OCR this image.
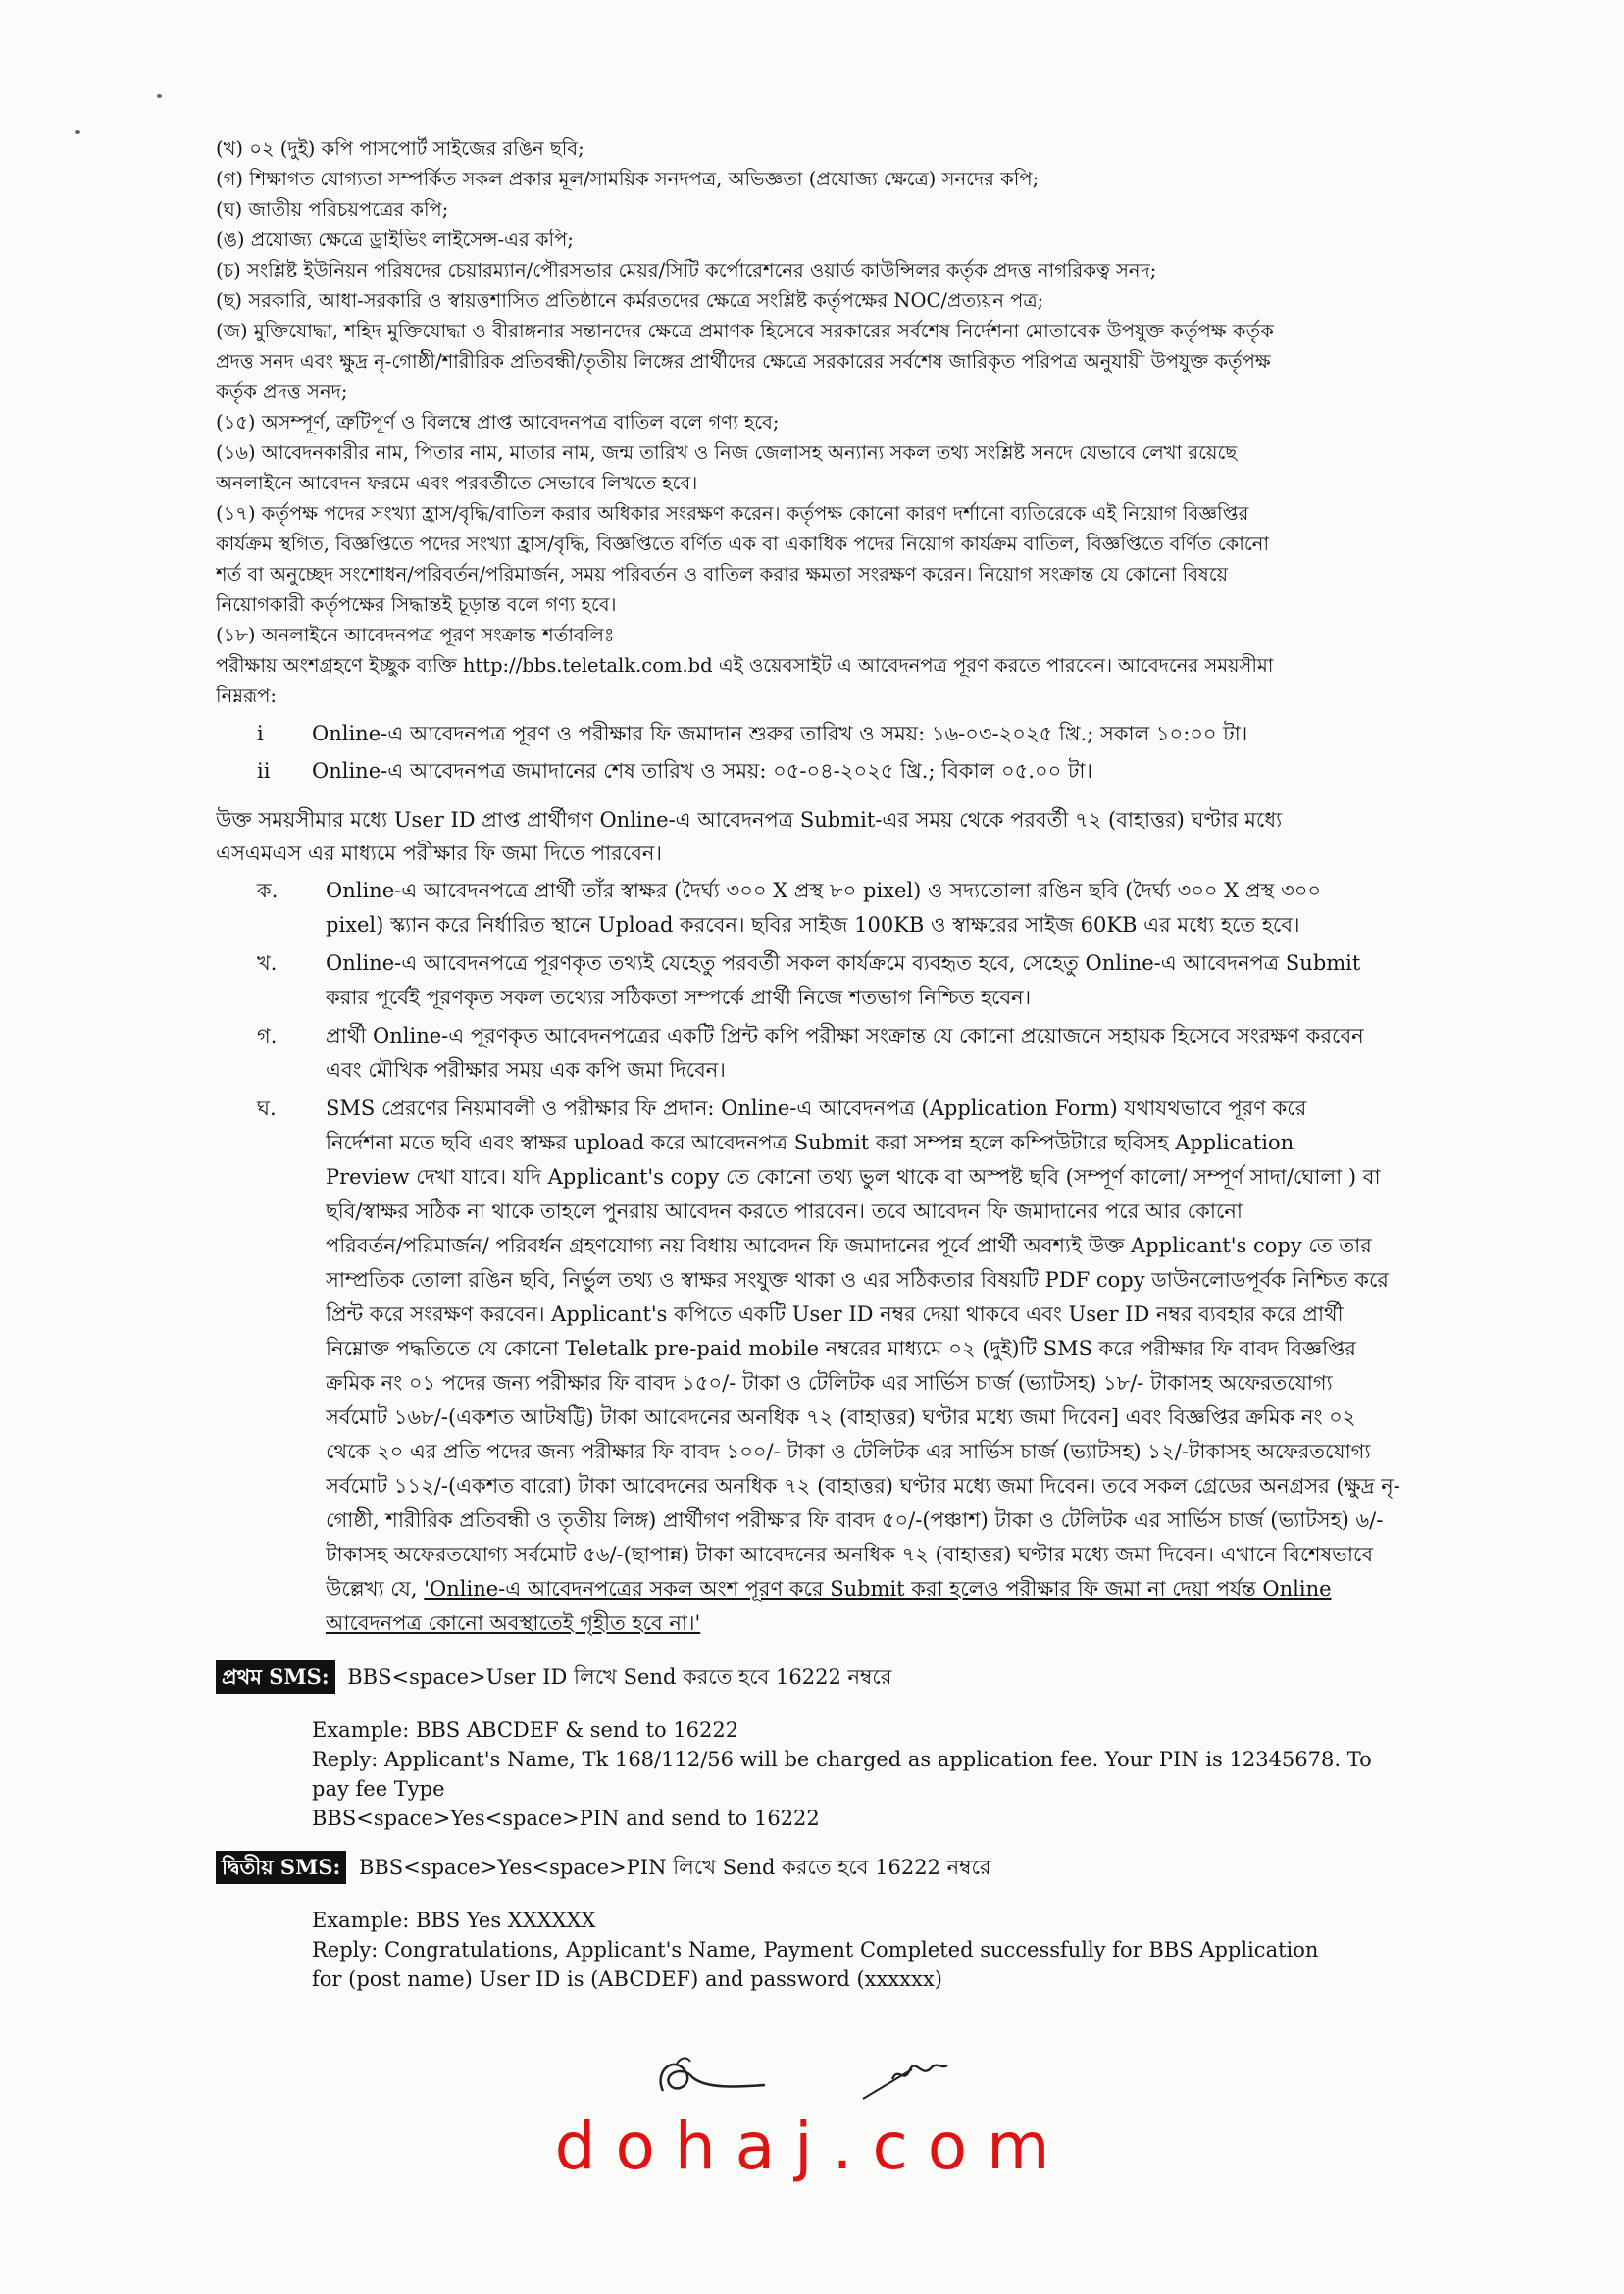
(খ) ০২ (দুই) কপি পাসপোর্ট সাইজের রঙিন ছবি;
(গ) শিক্ষাগত যোগ্যতা সম্পর্কিত সকল প্রকার মূল/সাময়িক সনদপত্র, অভিজ্ঞতা (প্রযোজ্য ক্ষেত্রে) সনদের কপি;
(ঘ) জাতীয় পরিচয়পত্রের কপি;
(ঙ) প্রযোজ্য ক্ষেত্রে ড্রাইভিং লাইসেন্স-এর কপি;
(চ) সংশ্লিষ্ট ইউনিয়ন পরিষদের চেয়ারম্যান/পৌরসভার মেয়র/সিটি কর্পোরেশনের ওয়ার্ড কাউন্সিলর কর্তৃক প্রদত্ত নাগরিকত্ব সনদ;
(ছ) সরকারি, আধা-সরকারি ও স্বায়ত্তশাসিত প্রতিষ্ঠানে কর্মরতদের ক্ষেত্রে সংশ্লিষ্ট কর্তৃপক্ষের NOC/প্রত্যয়ন পত্র;
(জ) মুক্তিযোদ্ধা, শহিদ মুক্তিযোদ্ধা ও বীরাঙ্গনার সন্তানদের ক্ষেত্রে প্রমাণক হিসেবে সরকারের সর্বশেষ নির্দেশনা মোতাবেক উপযুক্ত কর্তৃপক্ষ কর্তৃক
প্রদত্ত সনদ এবং ক্ষুদ্র নৃ-গোষ্ঠী/শারীরিক প্রতিবন্ধী/তৃতীয় লিঙ্গের প্রার্থীদের ক্ষেত্রে সরকারের সর্বশেষ জারিকৃত পরিপত্র অনুযায়ী উপযুক্ত কর্তৃপক্ষ
কর্তৃক প্রদত্ত সনদ;
(১৫) অসম্পূর্ণ, ত্রুটিপূর্ণ ও বিলম্বে প্রাপ্ত আবেদনপত্র বাতিল বলে গণ্য হবে;
(১৬) আবেদনকারীর নাম, পিতার নাম, মাতার নাম, জন্ম তারিখ ও নিজ জেলাসহ অন্যান্য সকল তথ্য সংশ্লিষ্ট সনদে যেভাবে লেখা রয়েছে
অনলাইনে আবেদন ফরমে এবং পরবর্তীতে সেভাবে লিখতে হবে।
(১৭) কর্তৃপক্ষ পদের সংখ্যা হ্রাস/বৃদ্ধি/বাতিল করার অধিকার সংরক্ষণ করেন। কর্তৃপক্ষ কোনো কারণ দর্শানো ব্যতিরেকে এই নিয়োগ বিজ্ঞপ্তির
কার্যক্রম স্থগিত, বিজ্ঞপ্তিতে পদের সংখ্যা হ্রাস/বৃদ্ধি, বিজ্ঞপ্তিতে বর্ণিত এক বা একাধিক পদের নিয়োগ কার্যক্রম বাতিল, বিজ্ঞপ্তিতে বর্ণিত কোনো
শর্ত বা অনুচ্ছেদ সংশোধন/পরিবর্তন/পরিমার্জন, সময় পরিবর্তন ও বাতিল করার ক্ষমতা সংরক্ষণ করেন। নিয়োগ সংক্রান্ত যে কোনো বিষয়ে
নিয়োগকারী কর্তৃপক্ষের সিদ্ধান্তই চূড়ান্ত বলে গণ্য হবে।
(১৮) অনলাইনে আবেদনপত্র পূরণ সংক্রান্ত শর্তাবলিঃ
পরীক্ষায় অংশগ্রহণে ইচ্ছুক ব্যক্তি http://bbs.teletalk.com.bd এই ওয়েবসাইট এ আবেদনপত্র পূরণ করতে পারবেন। আবেদনের সময়সীমা
নিম্নরূপ:
i	Online-এ আবেদনপত্র পূরণ ও পরীক্ষার ফি জমাদান শুরুর তারিখ ও সময়: ১৬-০৩-২০২৫ খ্রি.; সকাল ১০:০০ টা।
ii	Online-এ আবেদনপত্র জমাদানের শেষ তারিখ ও সময়: ০৫-০৪-২০২৫ খ্রি.; বিকাল ০৫.০০ টা।
উক্ত সময়সীমার মধ্যে User ID প্রাপ্ত প্রার্থীগণ Online-এ আবেদনপত্র Submit-এর সময় থেকে পরবর্তী ৭২ (বাহাত্তর) ঘণ্টার মধ্যে
এসএমএস এর মাধ্যমে পরীক্ষার ফি জমা দিতে পারবেন।
ক.	Online-এ আবেদনপত্রে প্রার্থী তাঁর স্বাক্ষর (দৈর্ঘ্য ৩০০ X প্রস্থ ৮০ pixel) ও সদ্যতোলা রঙিন ছবি (দৈর্ঘ্য ৩০০ X প্রস্থ ৩০০
pixel) স্ক্যান করে নির্ধারিত স্থানে Upload করবেন। ছবির সাইজ 100KB ও স্বাক্ষরের সাইজ 60KB এর মধ্যে হতে হবে।
খ.	Online-এ আবেদনপত্রে পূরণকৃত তথ্যই যেহেতু পরবর্তী সকল কার্যক্রমে ব্যবহৃত হবে, সেহেতু Online-এ আবেদনপত্র Submit
করার পূর্বেই পূরণকৃত সকল তথ্যের সঠিকতা সম্পর্কে প্রার্থী নিজে শতভাগ নিশ্চিত হবেন।
গ.	প্রার্থী Online-এ পূরণকৃত আবেদনপত্রের একটি প্রিন্ট কপি পরীক্ষা সংক্রান্ত যে কোনো প্রয়োজনে সহায়ক হিসেবে সংরক্ষণ করবেন
এবং মৌখিক পরীক্ষার সময় এক কপি জমা দিবেন।
ঘ.	SMS প্রেরণের নিয়মাবলী ও পরীক্ষার ফি প্রদান: Online-এ আবেদনপত্র (Application Form) যথাযথভাবে পূরণ করে
নির্দেশনা মতে ছবি এবং স্বাক্ষর upload করে আবেদনপত্র Submit করা সম্পন্ন হলে কম্পিউটারে ছবিসহ Application
Preview দেখা যাবে। যদি Applicant's copy তে কোনো তথ্য ভুল থাকে বা অস্পষ্ট ছবি (সম্পূর্ণ কালো/ সম্পূর্ণ সাদা/ঘোলা ) বা
ছবি/স্বাক্ষর সঠিক না থাকে তাহলে পুনরায় আবেদন করতে পারবেন। তবে আবেদন ফি জমাদানের পরে আর কোনো
পরিবর্তন/পরিমার্জন/ পরিবর্ধন গ্রহণযোগ্য নয় বিধায় আবেদন ফি জমাদানের পূর্বে প্রার্থী অবশ্যই উক্ত Applicant's copy তে তার
সাম্প্রতিক তোলা রঙিন ছবি, নির্ভুল তথ্য ও স্বাক্ষর সংযুক্ত থাকা ও এর সঠিকতার বিষয়টি PDF copy ডাউনলোডপূর্বক নিশ্চিত করে
প্রিন্ট করে সংরক্ষণ করবেন। Applicant's কপিতে একটি User ID নম্বর দেয়া থাকবে এবং User ID নম্বর ব্যবহার করে প্রার্থী
নিম্নোক্ত পদ্ধতিতে যে কোনো Teletalk pre-paid mobile নম্বরের মাধ্যমে ০২ (দুই)টি SMS করে পরীক্ষার ফি বাবদ বিজ্ঞপ্তির
ক্রমিক নং ০১ পদের জন্য পরীক্ষার ফি বাবদ ১৫০/- টাকা ও টেলিটক এর সার্ভিস চার্জ (ভ্যাটসহ) ১৮/- টাকাসহ অফেরতযোগ্য
সর্বমোট ১৬৮/-(একশত আটষট্টি) টাকা আবেদনের অনধিক ৭২ (বাহাত্তর) ঘণ্টার মধ্যে জমা দিবেন] এবং বিজ্ঞপ্তির ক্রমিক নং ০২
থেকে ২০ এর প্রতি পদের জন্য পরীক্ষার ফি বাবদ ১০০/- টাকা ও টেলিটক এর সার্ভিস চার্জ (ভ্যাটসহ) ১২/-টাকাসহ অফেরতযোগ্য
সর্বমোট ১১২/-(একশত বারো) টাকা আবেদনের অনধিক ৭২ (বাহাত্তর) ঘণ্টার মধ্যে জমা দিবেন। তবে সকল গ্রেডের অনগ্রসর (ক্ষুদ্র নৃ-
গোষ্ঠী, শারীরিক প্রতিবন্ধী ও তৃতীয় লিঙ্গ) প্রার্থীগণ পরীক্ষার ফি বাবদ ৫০/-(পঞ্চাশ) টাকা ও টেলিটক এর সার্ভিস চার্জ (ভ্যাটসহ) ৬/-
টাকাসহ অফেরতযোগ্য সর্বমোট ৫৬/-(ছাপান্ন) টাকা আবেদনের অনধিক ৭২ (বাহাত্তর) ঘণ্টার মধ্যে জমা দিবেন। এখানে বিশেষভাবে
উল্লেখ্য যে, 'Online-এ আবেদনপত্রের সকল অংশ পূরণ করে Submit করা হলেও পরীক্ষার ফি জমা না দেয়া পর্যন্ত Online
আবেদনপত্র কোনো অবস্থাতেই গৃহীত হবে না।'
প্রথম SMS: BBS<space>User ID লিখে Send করতে হবে 16222 নম্বরে
Example: BBS ABCDEF & send to 16222
Reply: Applicant's Name, Tk 168/112/56 will be charged as application fee. Your PIN is 12345678. To
pay fee Type
BBS<space>Yes<space>PIN and send to 16222
দ্বিতীয় SMS: BBS<space>Yes<space>PIN লিখে Send করতে হবে 16222 নম্বরে
Example: BBS Yes XXXXXX
Reply: Congratulations, Applicant's Name, Payment Completed successfully for BBS Application
for (post name) User ID is (ABCDEF) and password (xxxxxx)
dohaj.com
